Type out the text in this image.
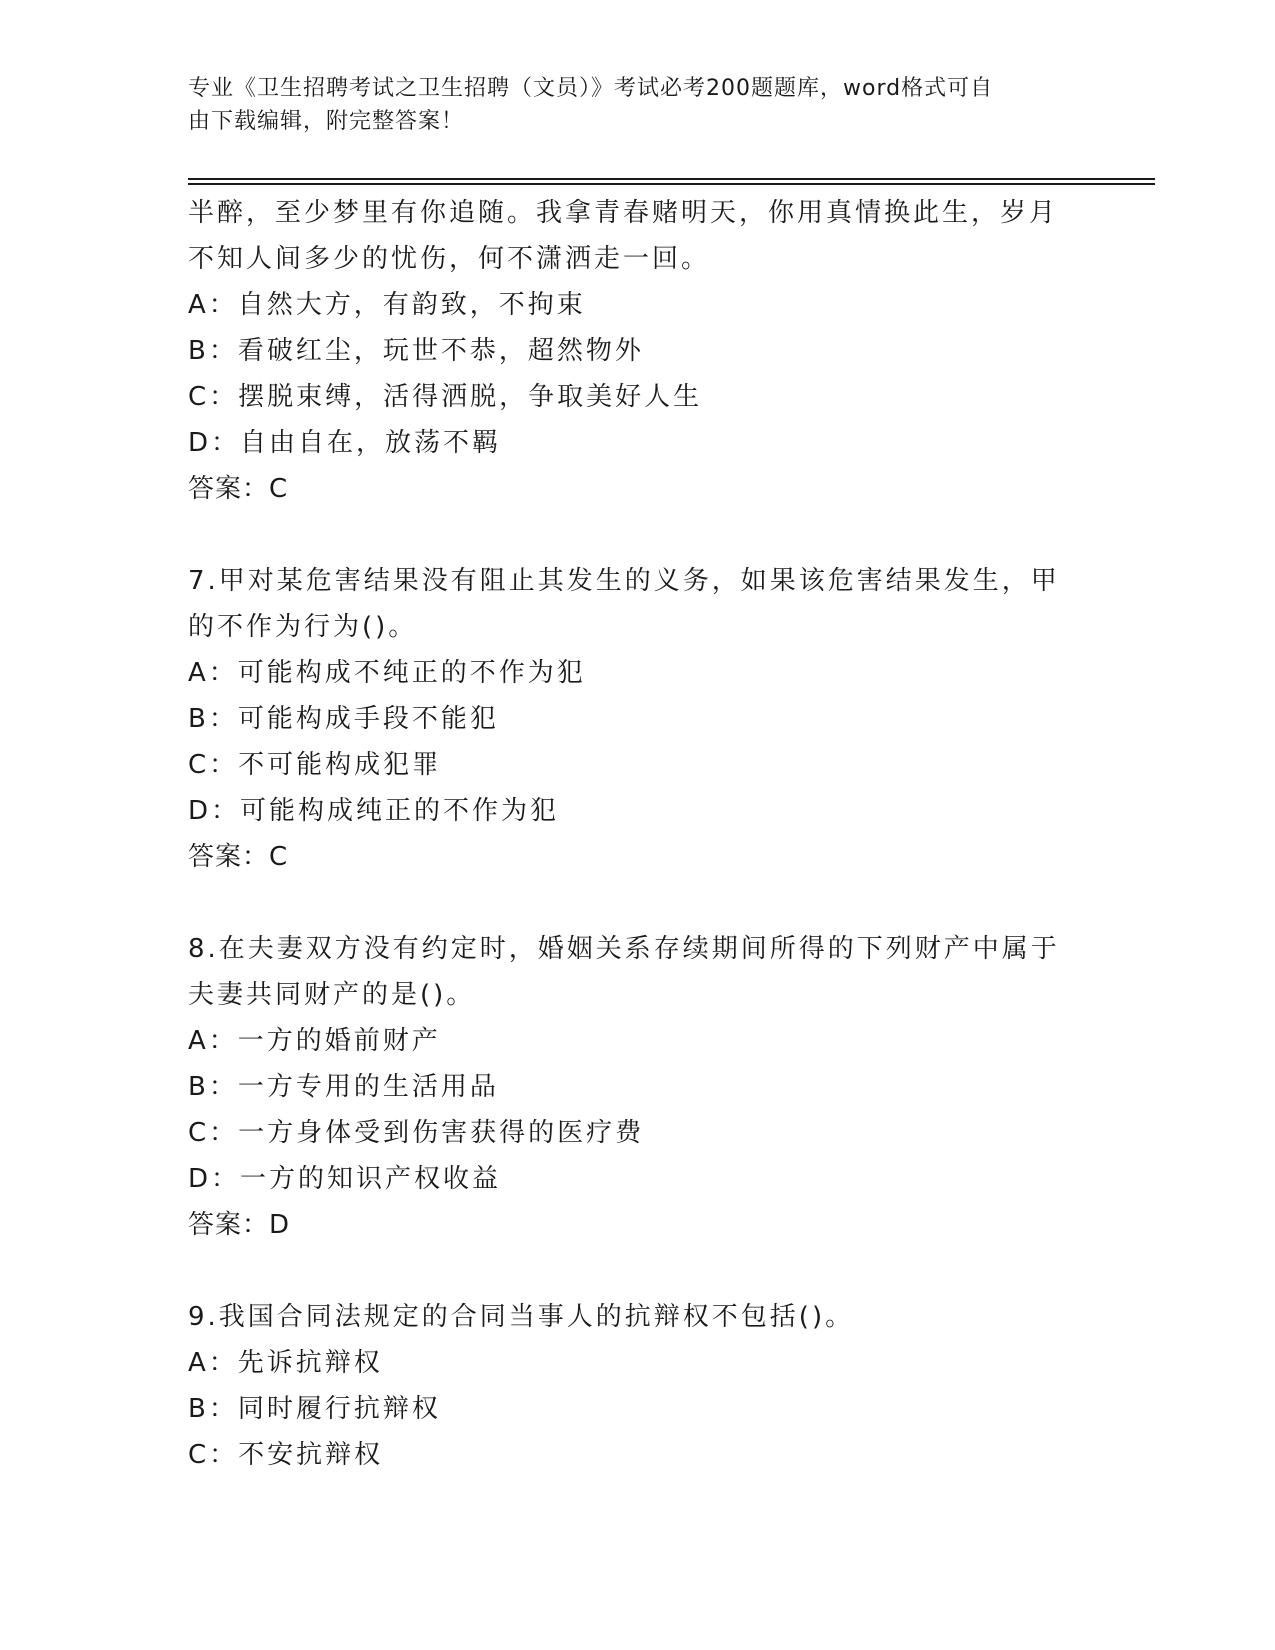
专业《卫生招聘考试之卫生招聘（文员）》考试必考200题题库，word格式可自
由下载编辑，附完整答案！
半醉，至少梦里有你追随。我拿青春赌明天，你用真情换此生，岁月
不知人间多少的忧伤，何不潇洒走一回。
A：自然大方，有韵致，不拘束
B：看破红尘，玩世不恭，超然物外
C：摆脱束缚，活得洒脱，争取美好人生
D：自由自在，放荡不羁
答案：C
7.甲对某危害结果没有阻止其发生的义务，如果该危害结果发生，甲
的不作为行为()。
A：可能构成不纯正的不作为犯
B：可能构成手段不能犯
C：不可能构成犯罪
D：可能构成纯正的不作为犯
答案：C
8.在夫妻双方没有约定时，婚姻关系存续期间所得的下列财产中属于
夫妻共同财产的是()。
A：一方的婚前财产
B：一方专用的生活用品
C：一方身体受到伤害获得的医疗费
D：一方的知识产权收益
答案：D
9.我国合同法规定的合同当事人的抗辩权不包括()。
A：先诉抗辩权
B：同时履行抗辩权
C：不安抗辩权
